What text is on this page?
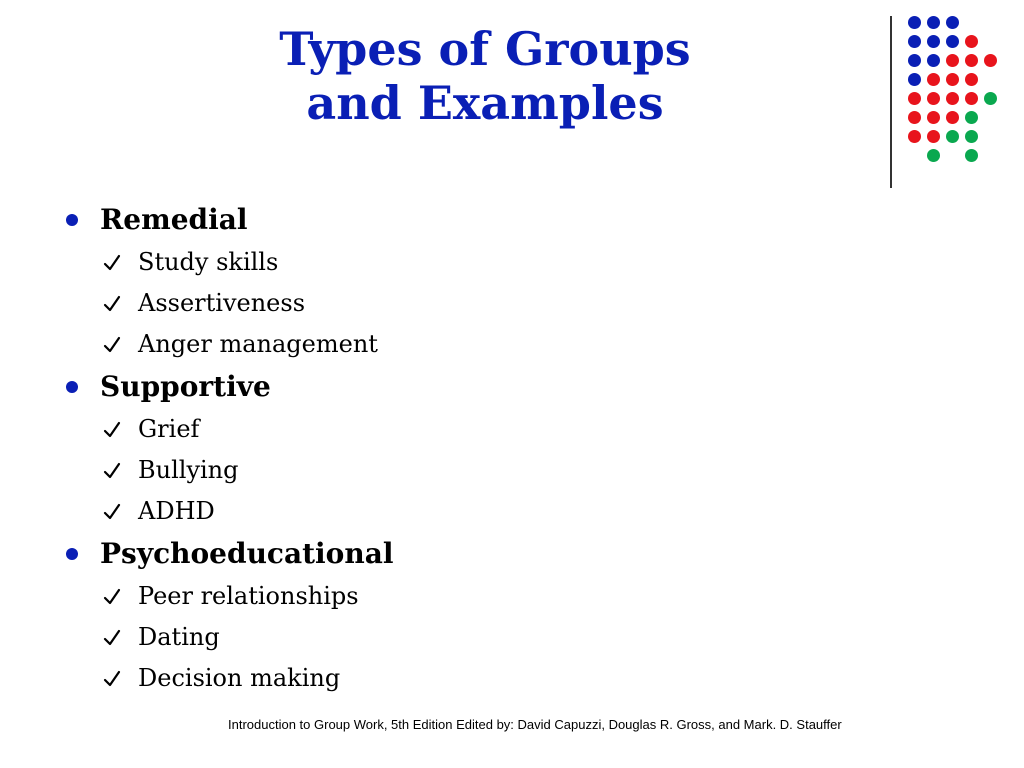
Types of Groups
and Examples
Remedial
Study skills
Assertiveness
Anger management
Supportive
Grief
Bullying
ADHD
Psychoeducational
Peer relationships
Dating
Decision making
Introduction to Group Work, 5th Edition Edited by: David Capuzzi, Douglas R. Gross, and Mark. D. Stauffer
